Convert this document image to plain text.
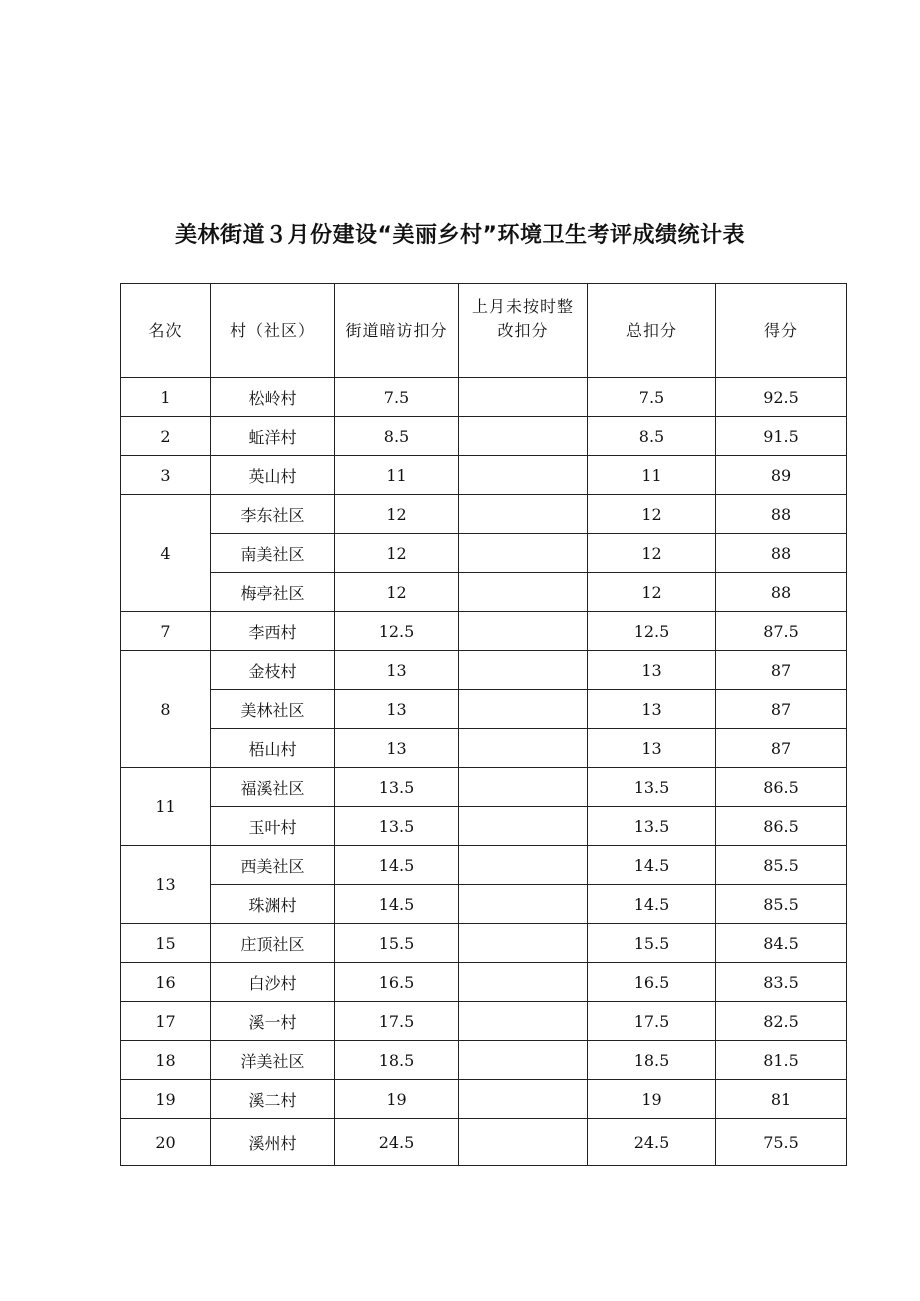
美林街道３月份建设“美丽乡村”环境卫生考评成绩统计表
名次	村（社区）	街道暗访扣分	上月未按时整改扣分	总扣分	得分
1	松岭村	7.5		7.5	92.5
2	蚯洋村	8.5		8.5	91.5
3	英山村	11		11	89
4	李东社区	12		12	88
	南美社区	12		12	88
	梅亭社区	12		12	88
7	李西村	12.5		12.5	87.5
8	金枝村	13		13	87
	美林社区	13		13	87
	梧山村	13		13	87
11	福溪社区	13.5		13.5	86.5
	玉叶村	13.5		13.5	86.5
13	西美社区	14.5		14.5	85.5
	珠渊村	14.5		14.5	85.5
15	庄顶社区	15.5		15.5	84.5
16	白沙村	16.5		16.5	83.5
17	溪一村	17.5		17.5	82.5
18	洋美社区	18.5		18.5	81.5
19	溪二村	19		19	81
20	溪州村	24.5		24.5	75.5
